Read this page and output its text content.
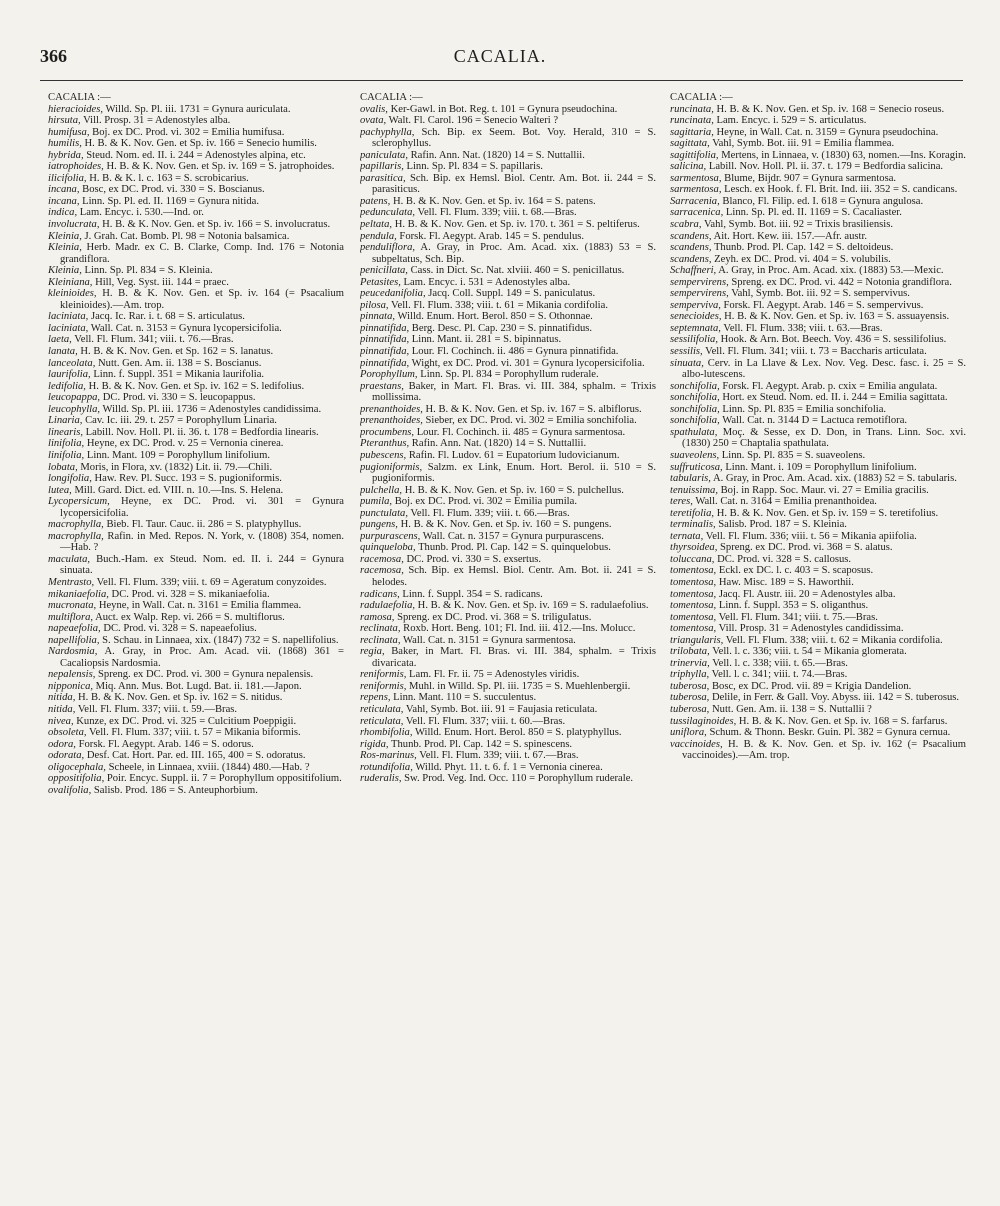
366	CACALIA.
CACALIA :—
hieracioides, Willd. Sp. Pl. iii. 1731 = Gynura auriculata.
hirsuta, Vill. Prosp. 31 = Adenostyles alba.
humifusa, Boj. ex DC. Prod. vi. 302 = Emilia humifusa.
humilis, H. B. & K. Nov. Gen. et Sp. iv. 166 = Senecio humilis.
hybrida, Steud. Nom. ed. II. i. 244 = Adenostyles alpina, etc.
iatrophoides, H. B. & K. Nov. Gen. et Sp. iv. 169 = S. jatrophoides.
ilicifolia, H. B. & K. l. c. 163 = S. scrobicarius.
incana, Bosc, ex DC. Prod. vi. 330 = S. Boscianus.
incana, Linn. Sp. Pl. ed. II. 1169 = Gynura nitida.
indica, Lam. Encyc. i. 530.—Ind. or.
involucrata, H. B. & K. Nov. Gen. et Sp. iv. 166 = S. involucratus.
Kleinia, J. Grah. Cat. Bomb. Pl. 98 = Notonia balsamica.
Kleinia, Herb. Madr. ex C. B. Clarke, Comp. Ind. 176 = Notonia grandiflora.
Kleinia, Linn. Sp. Pl. 834 = S. Kleinia.
Kleiniana, Hill, Veg. Syst. iii. 144 = praec.
kleinioides, H. B. & K. Nov. Gen. et Sp. iv. 164 (= Psacalium kleinioides).—Am. trop.
laciniata, Jacq. Ic. Rar. i. t. 68 = S. articulatus.
laciniata, Wall. Cat. n. 3153 = Gynura lycopersicifolia.
laeta, Vell. Fl. Flum. 341; viii. t. 76.—Bras.
lanata, H. B. & K. Nov. Gen. et Sp. 162 = S. lanatus.
lanceolata, Nutt. Gen. Am. ii. 138 = S. Boscianus.
laurifolia, Linn. f. Suppl. 351 = Mikania laurifolia.
ledifolia, H. B. & K. Nov. Gen. et Sp. iv. 162 = S. ledifolius.
leucopappa, DC. Prod. vi. 330 = S. leucopappus.
leucophylla, Willd. Sp. Pl. iii. 1736 = Adenostyles candidissima.
Linaria, Cav. Ic. iii. 29. t. 257 = Porophyllum Linaria.
linearis, Labill. Nov. Holl. Pl. ii. 36. t. 178 = Bedfordia linearis.
linifolia, Heyne, ex DC. Prod. v. 25 = Vernonia cinerea.
linifolia, Linn. Mant. 109 = Porophyllum linifolium.
lobata, Moris, in Flora, xv. (1832) Lit. ii. 79.—Chili.
longifolia, Haw. Rev. Pl. Succ. 193 = S. pugioniformis.
lutea, Mill. Gard. Dict. ed. VIII. n. 10.—Ins. S. Helena.
Lycopersicum, Heyne, ex DC. Prod. vi. 301 = Gynura lycopersicifolia.
macrophylla, Bieb. Fl. Taur. Cauc. ii. 286 = S. platyphyllus.
macrophylla, Rafin. in Med. Repos. N. York, v. (1808) 354, nomen.—Hab. ?
maculata, Buch.-Ham. ex Steud. Nom. ed. II. i. 244 = Gynura sinuata.
Mentrasto, Vell. Fl. Flum. 339; viii. t. 69 = Ageratum conyzoides.
mikaniaefolia, DC. Prod. vi. 328 = S. mikaniaefolia.
mucronata, Heyne, in Wall. Cat. n. 3161 = Emilia flammea.
multiflora, Auct. ex Walp. Rep. vi. 266 = S. multiflorus.
napeaefolia, DC. Prod. vi. 328 = S. napeaefolius.
napellifolia, S. Schau. in Linnaea, xix. (1847) 732 = S. napellifolius.
Nardosmia, A. Gray, in Proc. Am. Acad. vii. (1868) 361 = Cacaliopsis Nardosmia.
nepalensis, Spreng. ex DC. Prod. vi. 300 = Gynura nepalensis.
nipponica, Miq. Ann. Mus. Bot. Lugd. Bat. ii. 181.—Japon.
nitida, H. B. & K. Nov. Gen. et Sp. iv. 162 = S. nitidus.
nitida, Vell. Fl. Flum. 337; viii. t. 59.—Bras.
nivea, Kunze, ex DC. Prod. vi. 325 = Culcitium Poeppigii.
obsoleta, Vell. Fl. Flum. 337; viii. t. 57 = Mikania biformis.
odora, Forsk. Fl. Aegypt. Arab. 146 = S. odorus.
odorata, Desf. Cat. Hort. Par. ed. III. 165, 400 = S. odoratus.
oligocephala, Scheele, in Linnaea, xviii. (1844) 480.—Hab. ?
oppositifolia, Poir. Encyc. Suppl. ii. 7 = Porophyllum oppositifolium.
ovalifolia, Salisb. Prod. 186 = S. Anteuphorbium.
CACALIA :—
ovalis, Ker-Gawl. in Bot. Reg. t. 101 = Gynura pseudochina.
ovata, Walt. Fl. Carol. 196 = Senecio Walteri ?
pachyphylla, Sch. Bip. ex Seem. Bot. Voy. Herald, 310 = S. sclerophyllus.
paniculata, Rafin. Ann. Nat. (1820) 14 = S. Nuttallii.
papillaris, Linn. Sp. Pl. 834 = S. papillaris.
parasitica, Sch. Bip. ex Hemsl. Biol. Centr. Am. Bot. ii. 244 = S. parasiticus.
patens, H. B. & K. Nov. Gen. et Sp. iv. 164 = S. patens.
pedunculata, Vell. Fl. Flum. 339; viii. t. 68.—Bras.
peltata, H. B. & K. Nov. Gen. et Sp. iv. 170. t. 361 = S. peltiferus.
pendula, Forsk. Fl. Aegypt. Arab. 145 = S. pendulus.
penduliflora, A. Gray, in Proc. Am. Acad. xix. (1883) 53 = S. subpeltatus, Sch. Bip.
penicillata, Cass. in Dict. Sc. Nat. xlviii. 460 = S. penicillatus.
Petasites, Lam. Encyc. i. 531 = Adenostyles alba.
peucedanifolia, Jacq. Coll. Suppl. 149 = S. paniculatus.
pilosa, Vell. Fl. Flum. 338; viii. t. 61 = Mikania cordifolia.
pinnata, Willd. Enum. Hort. Berol. 850 = S. Othonnae.
pinnatifida, Berg. Desc. Pl. Cap. 230 = S. pinnatifidus.
pinnatifida, Linn. Mant. ii. 281 = S. bipinnatus.
pinnatifida, Lour. Fl. Cochinch. ii. 486 = Gynura pinnatifida.
pinnatifida, Wight, ex DC. Prod. vi. 301 = Gynura lycopersicifolia.
Porophyllum, Linn. Sp. Pl. 834 = Porophyllum ruderale.
praestans, Baker, in Mart. Fl. Bras. vi. III. 384, sphalm. = Trixis mollissima.
prenanthoides, H. B. & K. Nov. Gen. et Sp. iv. 167 = S. albiflorus.
prenanthoides, Sieber, ex DC. Prod. vi. 302 = Emilia sonchifolia.
procumbens, Lour. Fl. Cochinch. ii. 485 = Gynura sarmentosa.
Pteranthus, Rafin. Ann. Nat. (1820) 14 = S. Nuttallii.
pubescens, Rafin. Fl. Ludov. 61 = Eupatorium ludovicianum.
pugioniformis, Salzm. ex Link, Enum. Hort. Berol. ii. 510 = S. pugioniformis.
pulchella, H. B. & K. Nov. Gen. et Sp. iv. 160 = S. pulchellus.
pumila, Boj. ex DC. Prod. vi. 302 = Emilia pumila.
punctulata, Vell. Fl. Flum. 339; viii. t. 66.—Bras.
pungens, H. B. & K. Nov. Gen. et Sp. iv. 160 = S. pungens.
purpurascens, Wall. Cat. n. 3157 = Gynura purpurascens.
quinqueloba, Thunb. Prod. Pl. Cap. 142 = S. quinquelobus.
racemosa, DC. Prod. vi. 330 = S. exsertus.
racemosa, Sch. Bip. ex Hemsl. Biol. Centr. Am. Bot. ii. 241 = S. helodes.
radicans, Linn. f. Suppl. 354 = S. radicans.
radulaefolia, H. B. & K. Nov. Gen. et Sp. iv. 169 = S. radulaefolius.
ramosa, Spreng. ex DC. Prod. vi. 368 = S. triliguIatus.
reclinata, Roxb. Hort. Beng. 101; Fl. Ind. iii. 412.—Ins. Molucc.
reclinata, Wall. Cat. n. 3151 = Gynura sarmentosa.
regia, Baker, in Mart. Fl. Bras. vi. III. 384, sphalm. = Trixis divaricata.
reniformis, Lam. Fl. Fr. ii. 75 = Adenostyles viridis.
reniformis, Muhl. in Willd. Sp. Pl. iii. 1735 = S. Muehlenbergii.
repens, Linn. Mant. 110 = S. succulentus.
reticulata, Vahl, Symb. Bot. iii. 91 = Faujasia reticulata.
reticulata, Vell. Fl. Flum. 337; viii. t. 60.—Bras.
rhombifolia, Willd. Enum. Hort. Berol. 850 = S. platyphyllus.
rigida, Thunb. Prod. Pl. Cap. 142 = S. spinescens.
Ros-marinus, Vell. Fl. Flum. 339; viii. t. 67.—Bras.
rotundifolia, Willd. Phyt. 11. t. 6. f. 1 = Vernonia cinerea.
ruderalis, Sw. Prod. Veg. Ind. Occ. 110 = Porophyllum ruderale.
CACALIA :—
runcinata, H. B. & K. Nov. Gen. et Sp. iv. 168 = Senecio roseus.
runcinata, Lam. Encyc. i. 529 = S. articulatus.
sagittaria, Heyne, in Wall. Cat. n. 3159 = Gynura pseudochina.
sagittata, Vahl, Symb. Bot. iii. 91 = Emilia flammea.
sagittifolia, Mertens, in Linnaea, v. (1830) 63, nomen.—Ins. Koragin.
salicina, Labill. Nov. Holl. Pl. ii. 37. t. 179 = Bedfordia salicina.
sarmentosa, Blume, Bijdr. 907 = Gynura sarmentosa.
sarmentosa, Lesch. ex Hook. f. Fl. Brit. Ind. iii. 352 = S. candicans.
Sarracenia, Blanco, Fl. Filip. ed. I. 618 = Gynura angulosa.
sarracenica, Linn. Sp. Pl. ed. II. 1169 = S. Cacaliaster.
scabra, Vahl, Symb. Bot. iii. 92 = Trixis brasiliensis.
scandens, Ait. Hort. Kew. iii. 157.—Afr. austr.
scandens, Thunb. Prod. Pl. Cap. 142 = S. deltoideus.
scandens, Zeyh. ex DC. Prod. vi. 404 = S. volubilis.
Schaffneri, A. Gray, in Proc. Am. Acad. xix. (1883) 53.—Mexic.
sempervirens, Spreng. ex DC. Prod. vi. 442 = Notonia grandiflora.
sempervirens, Vahl, Symb. Bot. iii. 92 = S. sempervivus.
sempervivа, Forsk. Fl. Aegypt. Arab. 146 = S. sempervivus.
senecioides, H. B. & K. Nov. Gen. et Sp. iv. 163 = S. assuayensis.
septemnata, Vell. Fl. Flum. 338; viii. t. 63.—Bras.
sessilifolia, Hook. & Arn. Bot. Beech. Voy. 436 = S. sessilifolius.
sessilis, Vell. Fl. Flum. 341; viii. t. 73 = Baccharis articulata.
sinuata, Cerv. in La Llave & Lex. Nov. Veg. Desc. fasc. i. 25 = S. albo-lutescens.
sonchifolia, Forsk. Fl. Aegypt. Arab. p. cxix = Emilia angulata.
sonchifolia, Hort. ex Steud. Nom. ed. II. i. 244 = Emilia sagittata.
sonchifolia, Linn. Sp. Pl. 835 = Emilia sonchifolia.
sonchifolia, Wall. Cat. n. 3144 D = Lactuca remotiflora.
spathulata, Moç. & Sesse, ex D. Don, in Trans. Linn. Soc. xvi. (1830) 250 = Chaptalia spathulata.
suaveolens, Linn. Sp. Pl. 835 = S. suaveolens.
suffruticosa, Linn. Mant. i. 109 = Porophyllum linifolium.
tabularis, A. Gray, in Proc. Am. Acad. xix. (1883) 52 = S. tabularis.
tenuissima, Boj. in Rapp. Soc. Maur. vi. 27 = Emilia gracilis.
teres, Wall. Cat. n. 3164 = Emilia prenanthoidea.
teretifolia, H. B. & K. Nov. Gen. et Sp. iv. 159 = S. teretifolius.
terminalis, Salisb. Prod. 187 = S. Kleinia.
ternata, Vell. Fl. Flum. 336; viii. t. 56 = Mikania apiifolia.
thyrsoidea, Spreng. ex DC. Prod. vi. 368 = S. alatus.
toluccana, DC. Prod. vi. 328 = S. callosus.
tomentosa, Eckl. ex DC. l. c. 403 = S. scaposus.
tomentosa, Haw. Misc. 189 = S. Haworthii.
tomentosa, Jacq. Fl. Austr. iii. 20 = Adenostyles alba.
tomentosa, Linn. f. Suppl. 353 = S. oliganthus.
tomentosa, Vell. Fl. Flum. 341; viii. t. 75.—Bras.
tomentosa, Vill. Prosp. 31 = Adenostyles candidissima.
triangularis, Vell. Fl. Flum. 338; viii. t. 62 = Mikania cordifolia.
trilobata, Vell. l. c. 336; viii. t. 54 = Mikania glomerata.
trinervia, Vell. l. c. 338; viii. t. 65.—Bras.
triphylla, Vell. l. c. 341; viii. t. 74.—Bras.
tuberosa, Bosc, ex DC. Prod. vii. 89 = Krigia Dandelion.
tuberosa, Delile, in Ferr. & Gall. Voy. Abyss. iii. 142 = S. tuberosus.
tuberosa, Nutt. Gen. Am. ii. 138 = S. Nuttallii ?
tussilaginoides, H. B. & K. Nov. Gen. et Sp. iv. 168 = S. farfarus.
uniflora, Schum. & Thonn. Beskr. Guin. Pl. 382 = Gynura cernua.
vaccinoides, H. B. & K. Nov. Gen. et Sp. iv. 162 (= Psacalium vaccinoides).—Am. trop.
